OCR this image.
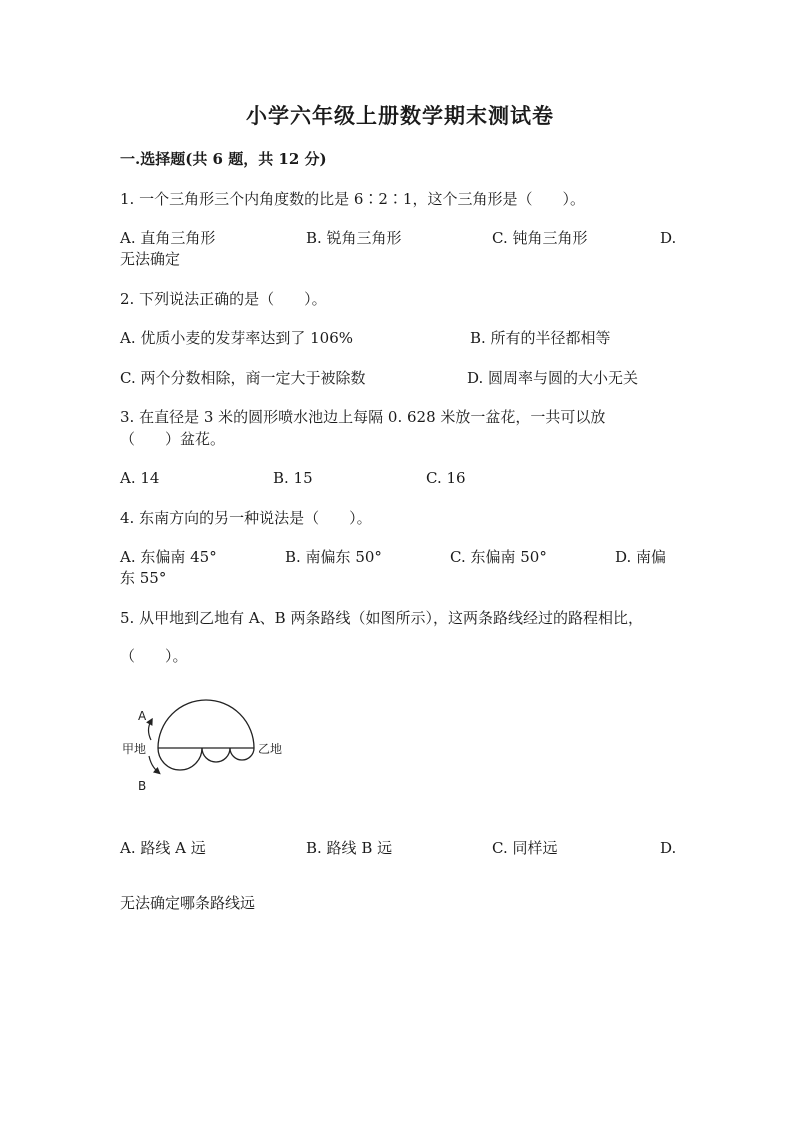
小学六年级上册数学期末测试卷
一.选择题(共 6 题，共 12 分)
1. 一个三角形三个内角度数的比是 6∶2∶1，这个三角形是（　　）。
A. 直角三角形	B. 锐角三角形	C. 钝角三角形	D.
无法确定
2. 下列说法正确的是（　　）。
A. 优质小麦的发芽率达到了 106%	B. 所有的半径都相等
C. 两个分数相除，商一定大于被除数	D. 圆周率与圆的大小无关
3. 在直径是 3 米的圆形喷水池边上每隔 0. 628 米放一盆花，一共可以放
（　　）盆花。
A. 14	B. 15	C. 16
4. 东南方向的另一种说法是（　　）。
A. 东偏南 45°	B. 南偏东 50°	C. 东偏南 50°	D. 南偏
东 55°
5. 从甲地到乙地有 A、B 两条路线（如图所示），这两条路线经过的路程相比，
（　　）。
A
B
甲地	乙地
A. 路线 A 远	B. 路线 B 远	C. 同样远	D.
无法确定哪条路线远
